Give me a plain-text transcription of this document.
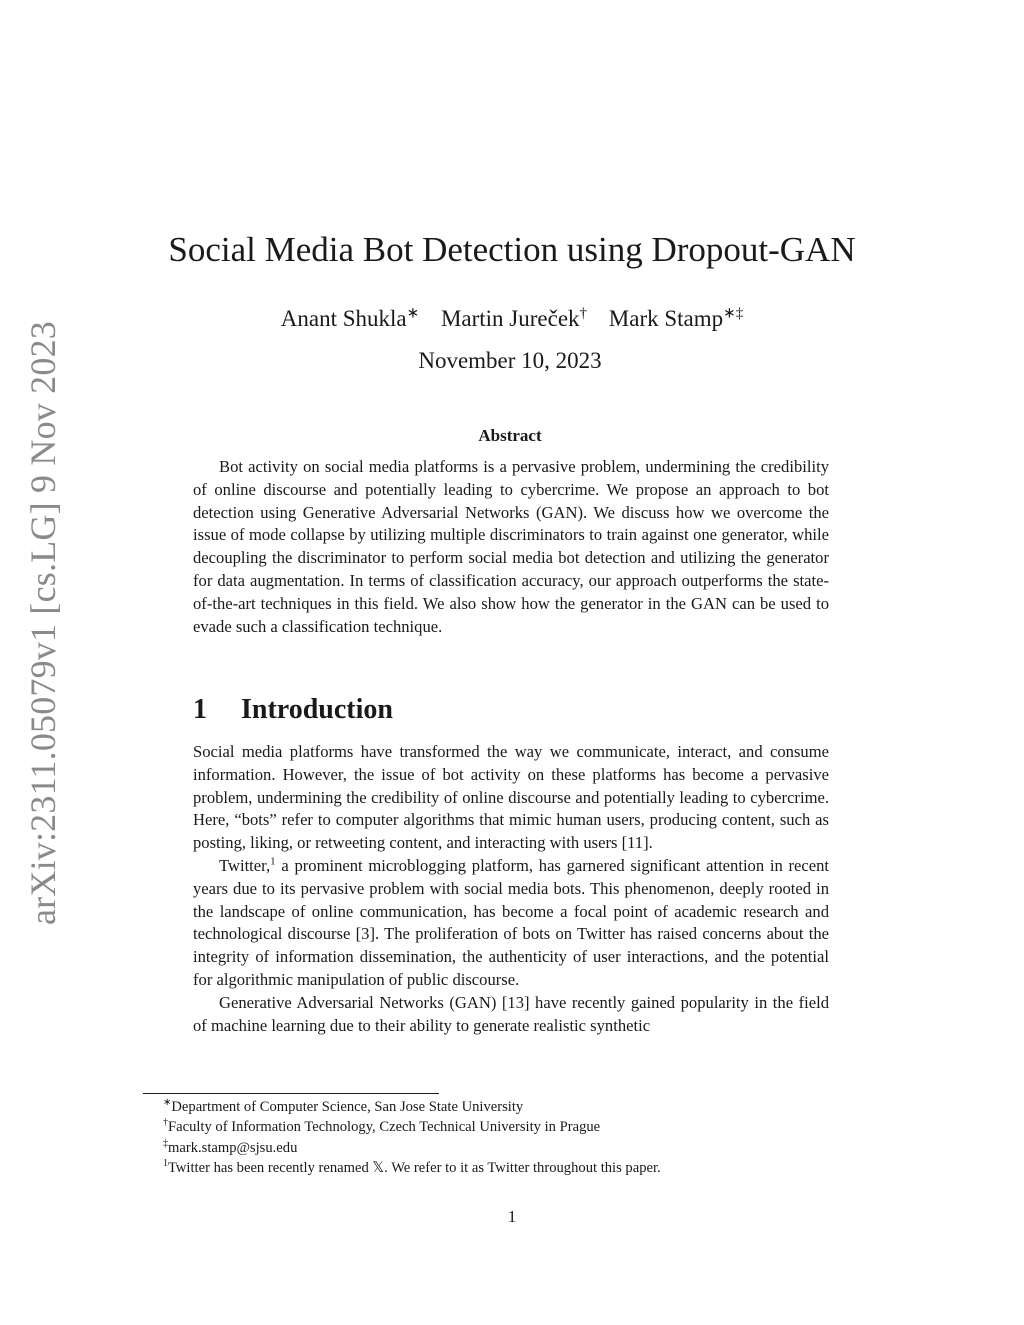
arXiv:2311.05079v1 [cs.LG] 9 Nov 2023
Social Media Bot Detection using Dropout-GAN
Anant Shukla∗ Martin Jureček† Mark Stamp∗‡
November 10, 2023
Abstract

Bot activity on social media platforms is a pervasive problem, undermining the credibility of online discourse and potentially leading to cybercrime. We propose an approach to bot detection using Generative Adversarial Networks (GAN). We discuss how we overcome the issue of mode collapse by utilizing multiple discriminators to train against one generator, while decoupling the discriminator to perform social media bot detection and utilizing the generator for data augmentation. In terms of classification accuracy, our approach outperforms the state-of-the-art techniques in this field. We also show how the generator in the GAN can be used to evade such a classification technique.

1 Introduction

Social media platforms have transformed the way we communicate, interact, and consume information. However, the issue of bot activity on these platforms has become a pervasive problem, undermining the credibility of online discourse and potentially leading to cybercrime. Here, “bots” refer to computer algorithms that mimic human users, producing content, such as posting, liking, or retweeting content, and interacting with users [11].

Twitter,$^1$ a prominent microblogging platform, has garnered significant attention in recent years due to its pervasive problem with social media bots. This phenomenon, deeply rooted in the landscape of online communication, has become a focal point of academic research and technological discourse [3]. The proliferation of bots on Twitter has raised concerns about the integrity of information dissemination, the authenticity of user interactions, and the potential for algorithmic manipulation of public discourse.

Generative Adversarial Networks (GAN) [13] have recently gained popularity in the field of machine learning due to their ability to generate realistic synthetic

∗Department of Computer Science, San Jose State University
†Faculty of Information Technology, Czech Technical University in Prague
‡mark.stamp@sjsu.edu
$^1$Twitter has been recently renamed 𝕏. We refer to it as Twitter throughout this paper.
1
